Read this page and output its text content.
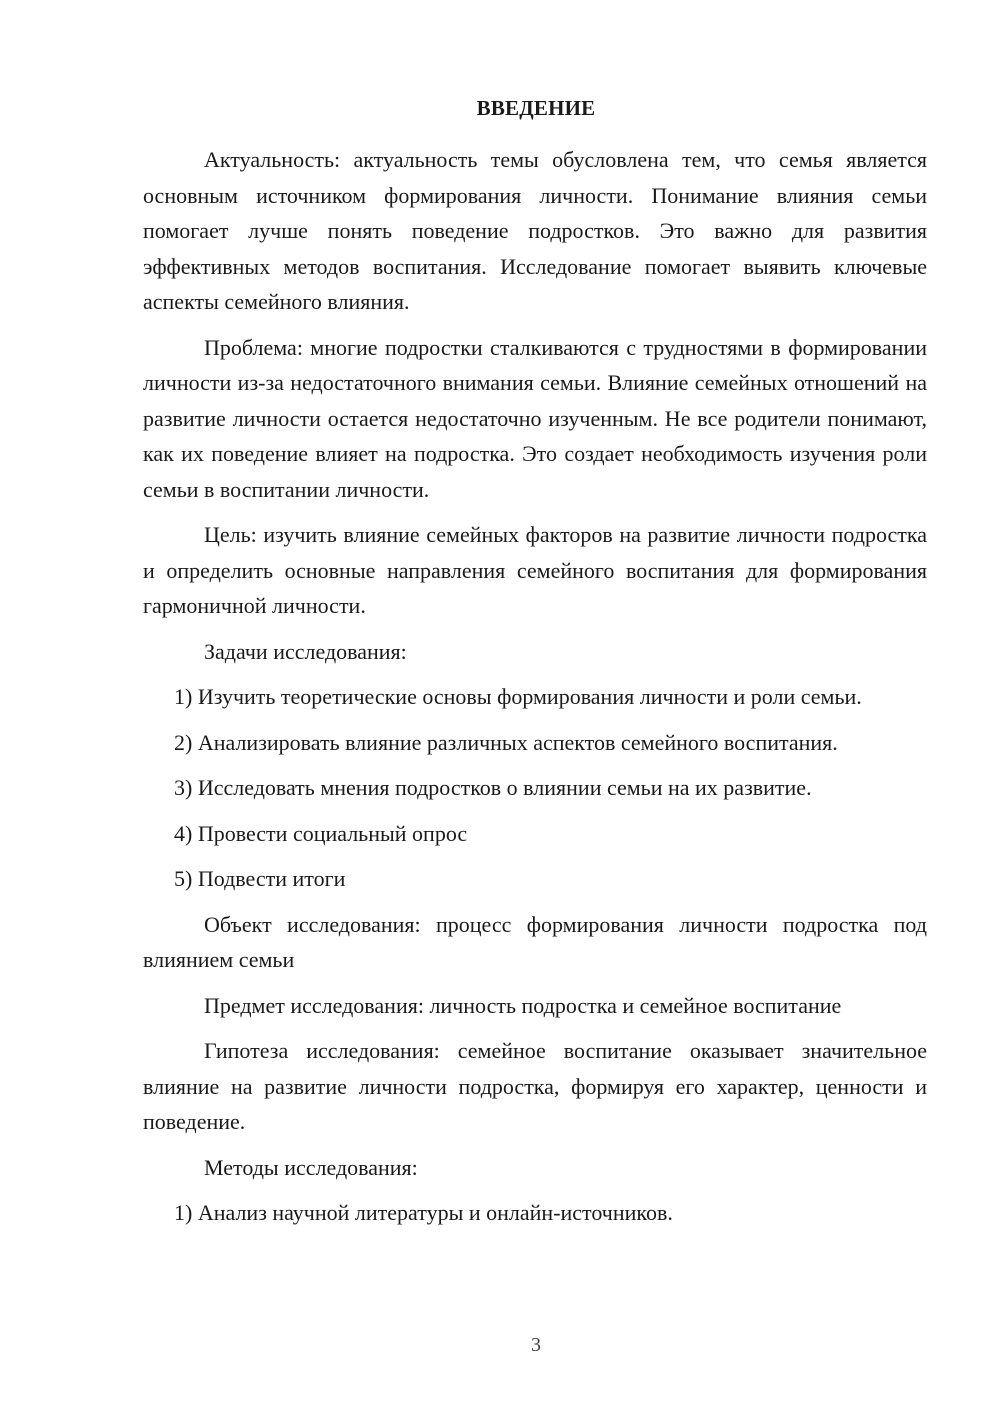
ВВЕДЕНИЕ

Актуальность: актуальность темы обусловлена тем, что семья является основным источником формирования личности. Понимание влияния семьи помогает лучше понять поведение подростков. Это важно для развития эффективных методов воспитания. Исследование помогает выявить ключевые аспекты семейного влияния.

Проблема: многие подростки сталкиваются с трудностями в формировании личности из-за недостаточного внимания семьи. Влияние семейных отношений на развитие личности остается недостаточно изученным. Не все родители понимают, как их поведение влияет на подростка. Это создает необходимость изучения роли семьи в воспитании личности.

Цель: изучить влияние семейных факторов на развитие личности подростка и определить основные направления семейного воспитания для формирования гармоничной личности.

Задачи исследования:

1) Изучить теоретические основы формирования личности и роли семьи.

2) Анализировать влияние различных аспектов семейного воспитания.

3) Исследовать мнения подростков о влиянии семьи на их развитие.

4) Провести социальный опрос

5) Подвести итоги

Объект исследования: процесс формирования личности подростка под влиянием семьи

Предмет исследования: личность подростка и семейное воспитание

Гипотеза исследования: семейное воспитание оказывает значительное влияние на развитие личности подростка, формируя его характер, ценности и поведение.

Методы исследования:

1) Анализ научной литературы и онлайн-источников.

3
